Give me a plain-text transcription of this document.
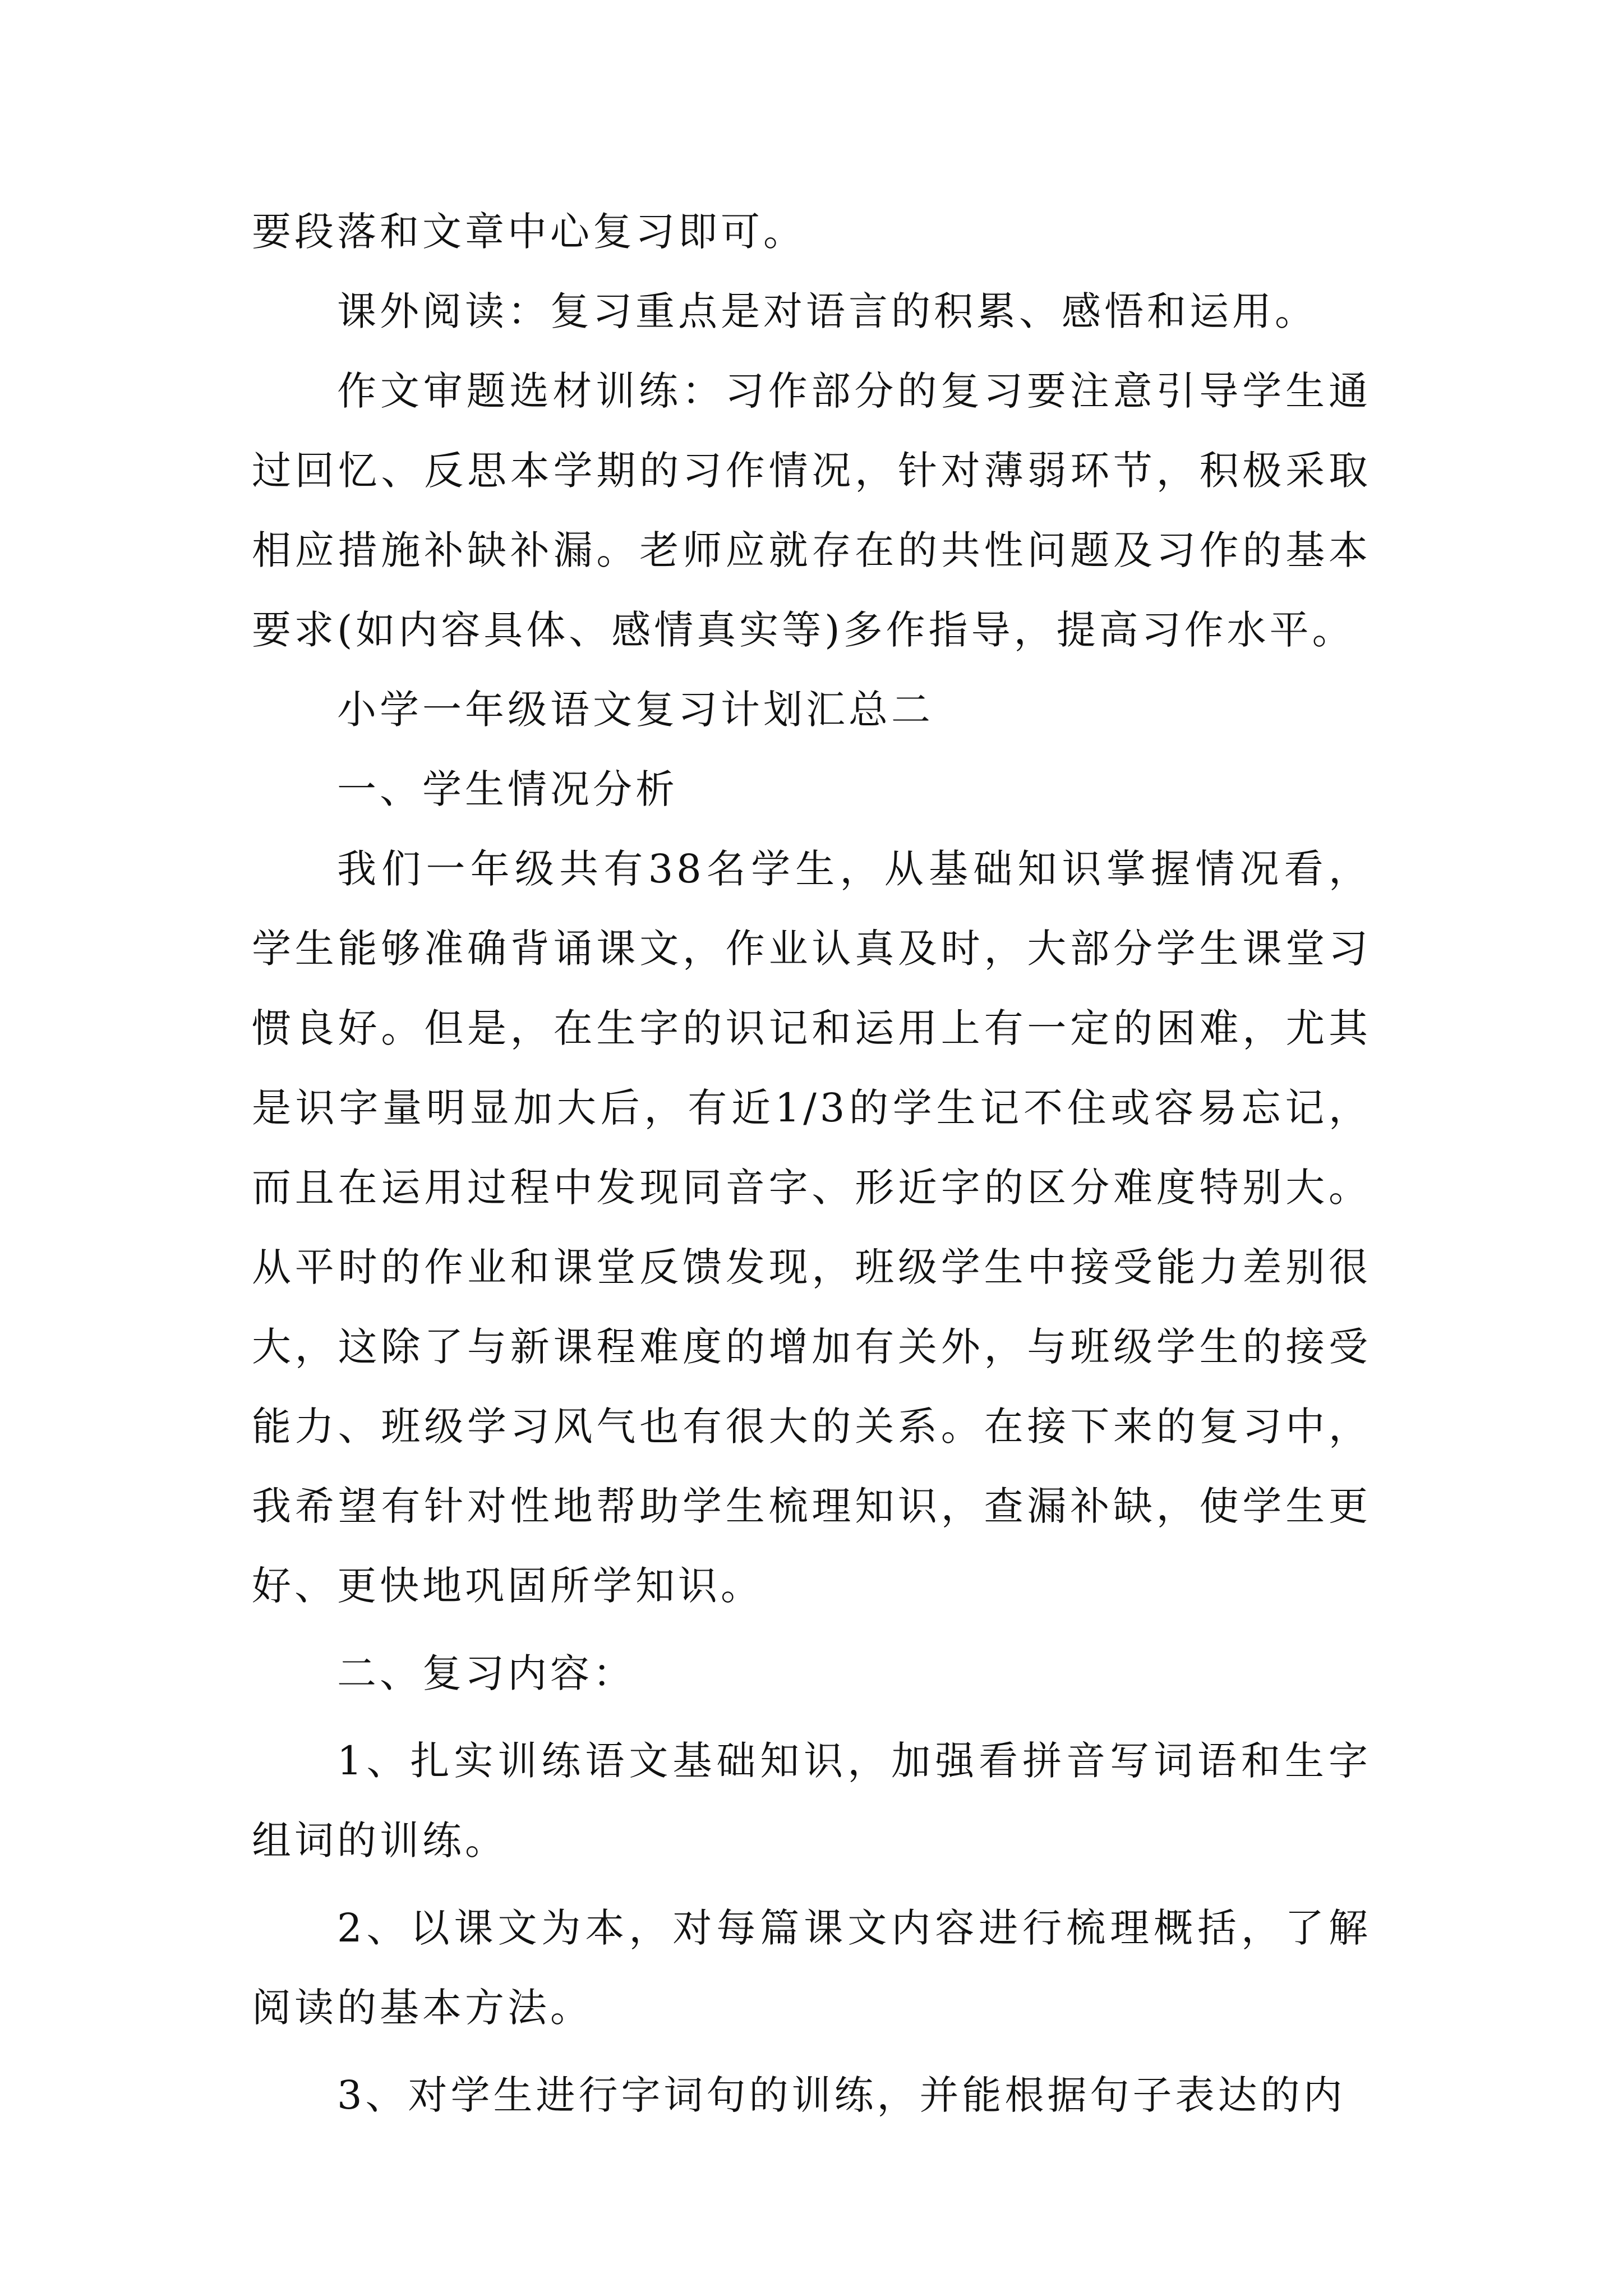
要段落和文章中心复习即可。

课外阅读：复习重点是对语言的积累、感悟和运用。

作文审题选材训练：习作部分的复习要注意引导学生通过回忆、反思本学期的习作情况，针对薄弱环节，积极采取相应措施补缺补漏。老师应就存在的共性问题及习作的基本要求(如内容具体、感情真实等)多作指导，提高习作水平。

小学一年级语文复习计划汇总二

一、学生情况分析

我们一年级共有38名学生，从基础知识掌握情况看，学生能够准确背诵课文，作业认真及时，大部分学生课堂习惯良好。但是，在生字的识记和运用上有一定的困难，尤其是识字量明显加大后，有近1/3的学生记不住或容易忘记，而且在运用过程中发现同音字、形近字的区分难度特别大。从平时的作业和课堂反馈发现，班级学生中接受能力差别很大，这除了与新课程难度的增加有关外，与班级学生的接受能力、班级学习风气也有很大的关系。在接下来的复习中，我希望有针对性地帮助学生梳理知识，查漏补缺，使学生更好、更快地巩固所学知识。

二、复习内容：

1、扎实训练语文基础知识，加强看拼音写词语和生字组词的训练。

2、以课文为本，对每篇课文内容进行梳理概括，了解阅读的基本方法。

3、对学生进行字词句的训练，并能根据句子表达的内
